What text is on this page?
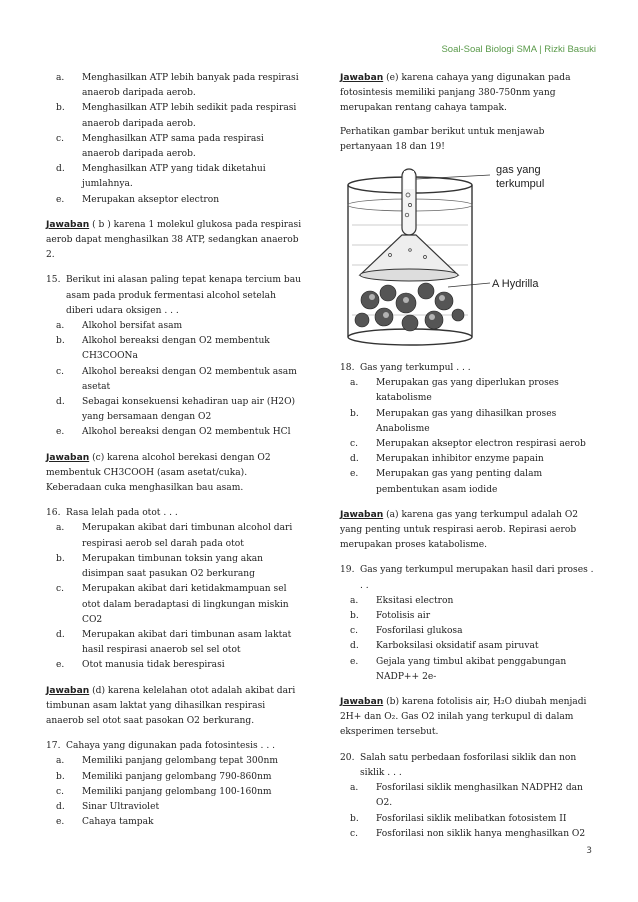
Soal-Soal Biologi SMA | Rizki Basuki
a. Menghasilkan ATP lebih banyak pada respirasi anaerob daripada aerob.
b. Menghasilkan ATP lebih sedikit pada respirasi anaerob daripada aerob.
c. Menghasilkan ATP sama pada respirasi anaerob daripada aerob.
d. Menghasilkan ATP yang tidak diketahui jumlahnya.
e. Merupakan akseptor electron

Jawaban ( b ) karena 1 molekul glukosa pada respirasi aerob dapat menghasilkan 38 ATP, sedangkan anaerob 2.

15. Berikut ini alasan paling tepat kenapa tercium bau asam pada produk fermentasi alcohol setelah diberi udara oksigen . . .
a. Alkohol bersifat asam
b. Alkohol bereaksi dengan O2 membentuk CH3COONa
c. Alkohol bereaksi dengan O2 membentuk asam asetat
d. Sebagai konsekuensi kehadiran uap air (H2O) yang bersamaan dengan O2
e. Alkohol bereaksi dengan O2 membentuk HCl

Jawaban (c) karena alcohol berekasi dengan O2 membentuk CH3COOH (asam asetat/cuka). Keberadaan cuka menghasilkan bau asam.

16. Rasa lelah pada otot . . .
a. Merupakan akibat dari timbunan alcohol dari respirasi aerob sel darah pada otot
b. Merupakan timbunan toksin yang akan disimpan saat pasukan O2 berkurang
c. Merupakan akibat dari ketidakmampuan sel otot dalam beradaptasi di lingkungan miskin CO2
d. Merupakan akibat dari timbunan asam laktat hasil respirasi anaerob sel sel otot
e. Otot manusia tidak berespirasi

Jawaban (d) karena kelelahan otot adalah akibat dari timbunan asam laktat yang dihasilkan respirasi anaerob sel otot saat pasokan O2 berkurang.

17. Cahaya yang digunakan pada fotosintesis . . .
a. Memiliki panjang gelombang tepat 300nm
b. Memiliki panjang gelombang 790-860nm
c. Memiliki panjang gelombang 100-160nm
d. Sinar Ultraviolet
e. Cahaya tampak

Jawaban (e) karena cahaya yang digunakan pada fotosintesis memiliki panjang 380-750nm yang merupakan rentang cahaya tampak.

Perhatikan gambar berikut untuk menjawab pertanyaan 18 dan 19!

gas yang terkumpul
A Hydrilla
18. Gas yang terkumpul . . .
a. Merupakan gas yang diperlukan proses katabolisme
b. Merupakan gas yang dihasilkan proses Anabolisme
c. Merupakan akseptor electron respirasi aerob
d. Merupakan inhibitor enzyme papain
e. Merupakan gas yang penting dalam pembentukan asam iodide

Jawaban (a) karena gas yang terkumpul adalah O2 yang penting untuk respirasi aerob. Repirasi aerob merupakan proses katabolisme.

19. Gas yang terkumpul merupakan hasil dari proses . . .
a. Eksitasi electron
b. Fotolisis air
c. Fosforilasi glukosa
d. Karboksilasi oksidatif asam piruvat
e. Gejala yang timbul akibat penggabungan NADP++ 2e-

Jawaban (b) karena fotolisis air, H₂O diubah menjadi 2H+ dan O₂. Gas O2 inilah yang terkupul di dalam eksperimen tersebut.

20. Salah satu perbedaan fosforilasi siklik dan non siklik . . .
a. Fosforilasi siklik menghasilkan NADPH2 dan O2.
b. Fosforilasi siklik melibatkan fotosistem II
c. Fosforilasi non siklik hanya menghasilkan O2
3
